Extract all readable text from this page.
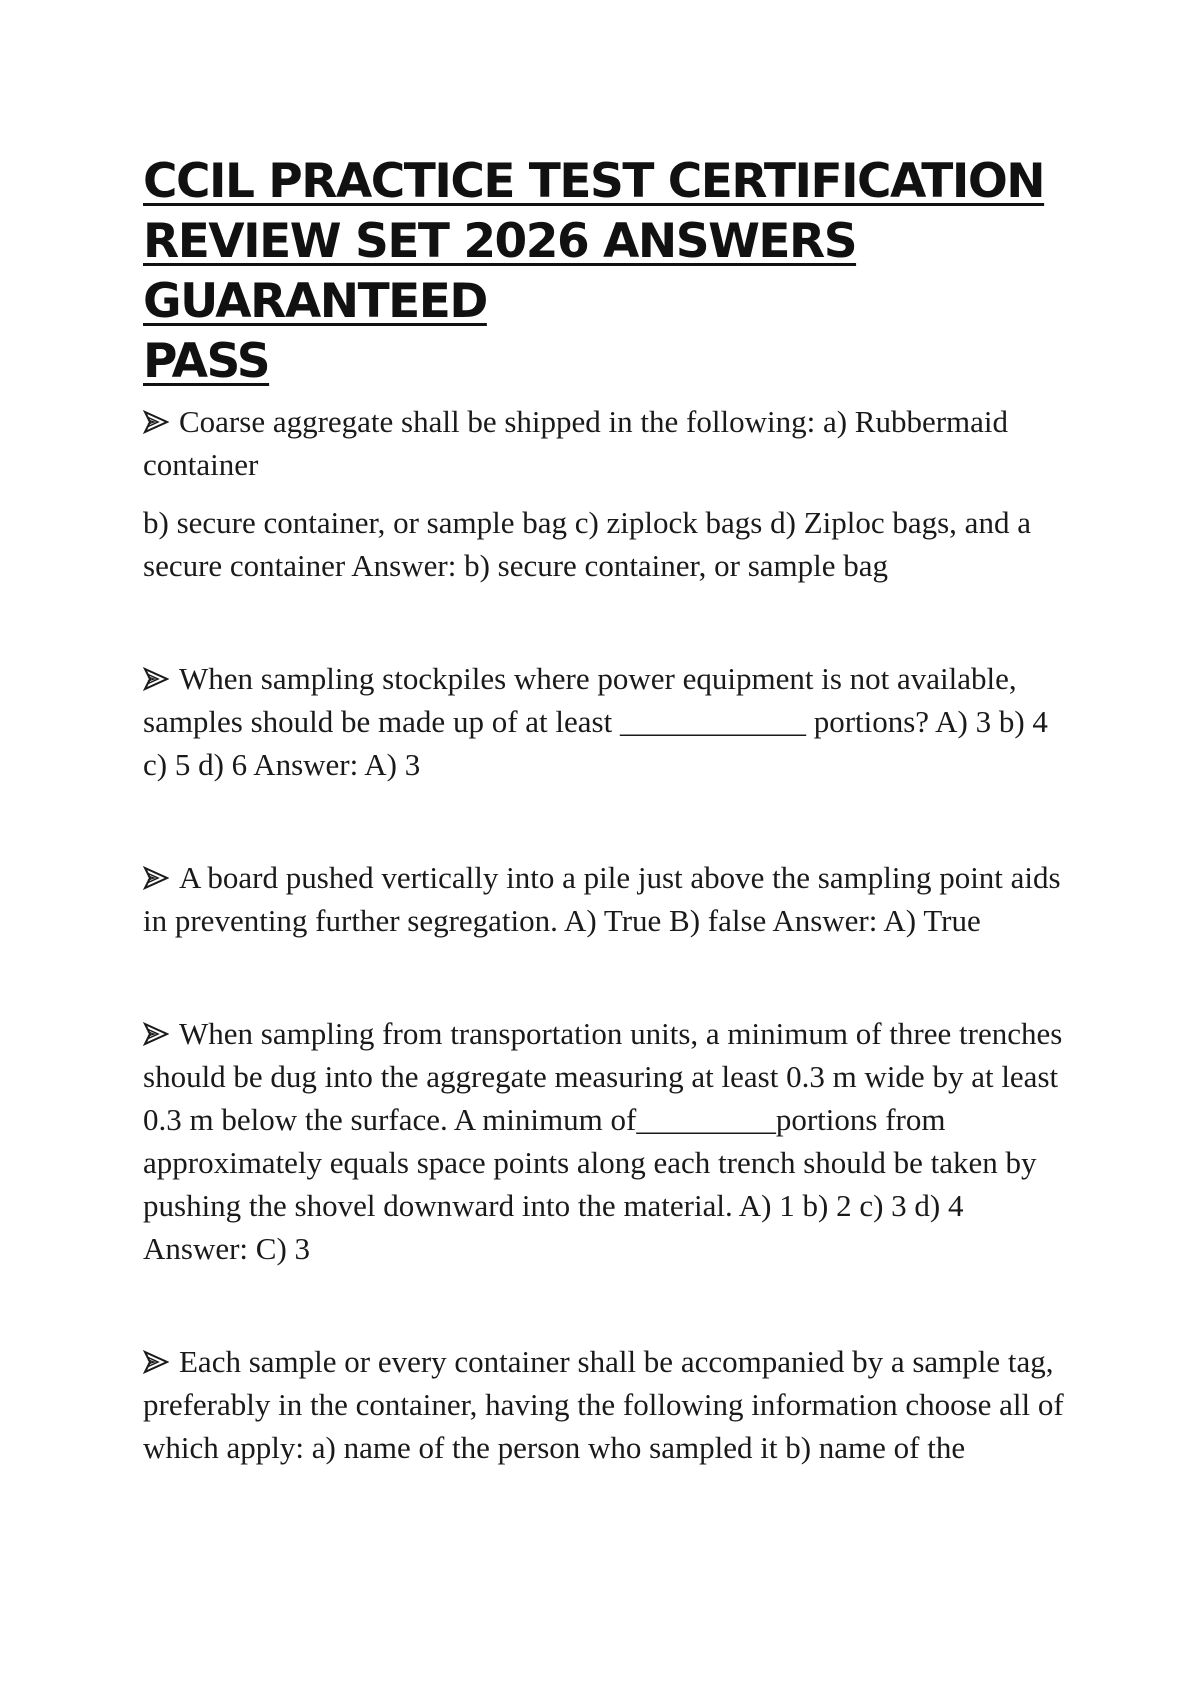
CCIL PRACTICE TEST CERTIFICATION
REVIEW SET 2026 ANSWERS GUARANTEED
PASS

Coarse aggregate shall be shipped in the following: a) Rubbermaid container

b) secure container, or sample bag c) ziplock bags d) Ziploc bags, and a secure container Answer: b) secure container, or sample bag

When sampling stockpiles where power equipment is not available, samples should be made up of at least ____________ portions? A) 3 b) 4 c) 5 d) 6 Answer: A) 3

A board pushed vertically into a pile just above the sampling point aids in preventing further segregation. A) True B) false Answer: A) True

When sampling from transportation units, a minimum of three trenches should be dug into the aggregate measuring at least 0.3 m wide by at least 0.3 m below the surface. A minimum of_________portions from approximately equals space points along each trench should be taken by pushing the shovel downward into the material. A) 1 b) 2 c) 3 d) 4 Answer: C) 3

Each sample or every container shall be accompanied by a sample tag, preferably in the container, having the following information choose all of which apply: a) name of the person who sampled it b) name of the
